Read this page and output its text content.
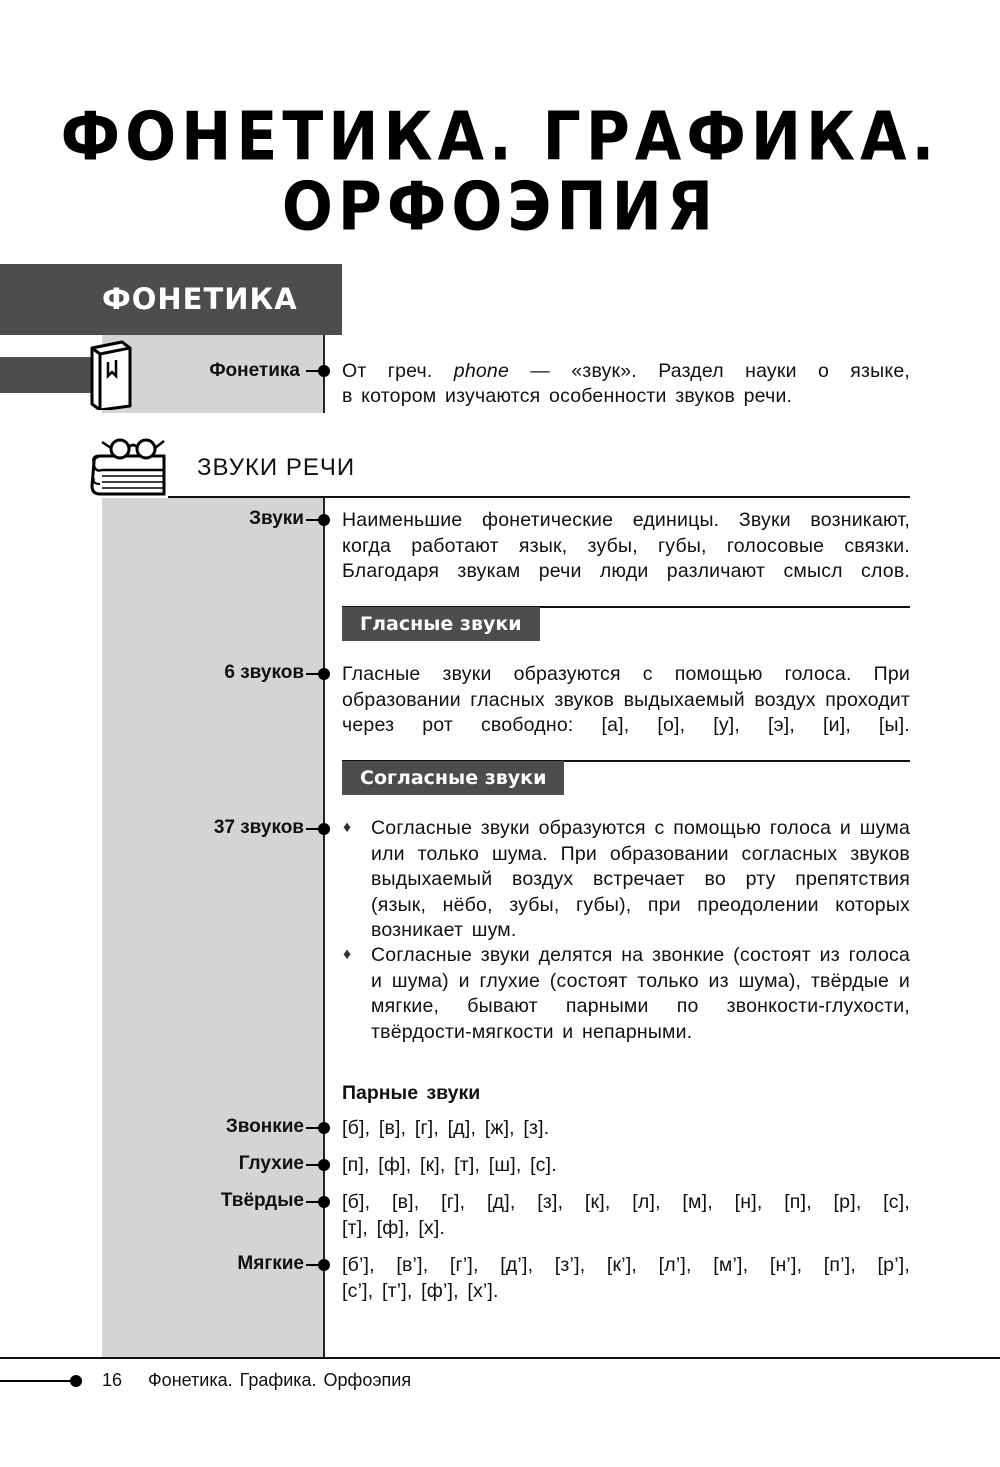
ФОНЕТИКА. ГРАФИКА.
ОРФОЭПИЯ
ФОНЕТИКА
Фонетика От греч. phone — «звук». Раздел науки о языке,
в котором изучаются особенности звуков речи.
ЗВУКИ РЕЧИ
Звуки Наименьшие фонетические единицы. Звуки возникают, когда работают язык, зубы, губы, голосовые связки. Благодаря звукам речи люди различают смысл слов.
Гласные звуки
6 звуков Гласные звуки образуются с помощью голоса. При образовании гласных звуков выдыхаемый воздух проходит через рот свободно: [а], [о], [у], [э], [и], [ы].
Согласные звуки
37 звуков ♦ Согласные звуки образуются с помощью голоса и шума или только шума. При образовании согласных звуков выдыхаемый воздух встречает во рту препятствия (язык, нёбо, зубы, губы), при преодолении которых возникает шум.
♦ Согласные звуки делятся на звонкие (состоят из голоса и шума) и глухие (состоят только из шума), твёрдые и мягкие, бывают парными по звонкости-глухости, твёрдости-мягкости и непарными.
Парные звуки
Звонкие [б], [в], [г], [д], [ж], [з].
Глухие [п], [ф], [к], [т], [ш], [с].
Твёрдые [б], [в], [г], [д], [з], [к], [л], [м], [н], [п], [р], [с],
[т], [ф], [х].
Мягкие [б’], [в’], [г’], [д’], [з’], [к’], [л’], [м’], [н’], [п’], [р’],
[с’], [т’], [ф’], [х’].
16 Фонетика. Графика. Орфоэпия
